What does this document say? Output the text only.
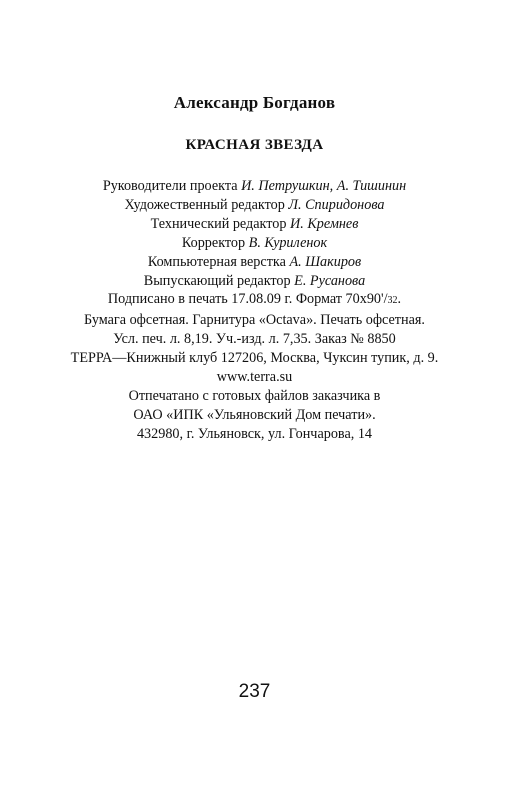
Александр Богданов
КРАСНАЯ ЗВЕЗДА
Руководители проекта И. Петрушкин, А. Тишинин
Художественный редактор Л. Спиридонова
Технический редактор И. Кремнев
Корректор В. Куриленок
Компьютерная верстка А. Шакиров
Выпускающий редактор Е. Русанова
Подписано в печать 17.08.09 г. Формат 70х90'/32.
Бумага офсетная. Гарнитура «Octava». Печать офсетная.
Усл. печ. л. 8,19. Уч.-изд. л. 7,35. Заказ № 8850
ТЕРРА—Книжный клуб 127206, Москва, Чуксин тупик, д. 9.
www.terra.su
Отпечатано с готовых файлов заказчика в
ОАО «ИПК «Ульяновский Дом печати».
432980, г. Ульяновск, ул. Гончарова, 14
237
